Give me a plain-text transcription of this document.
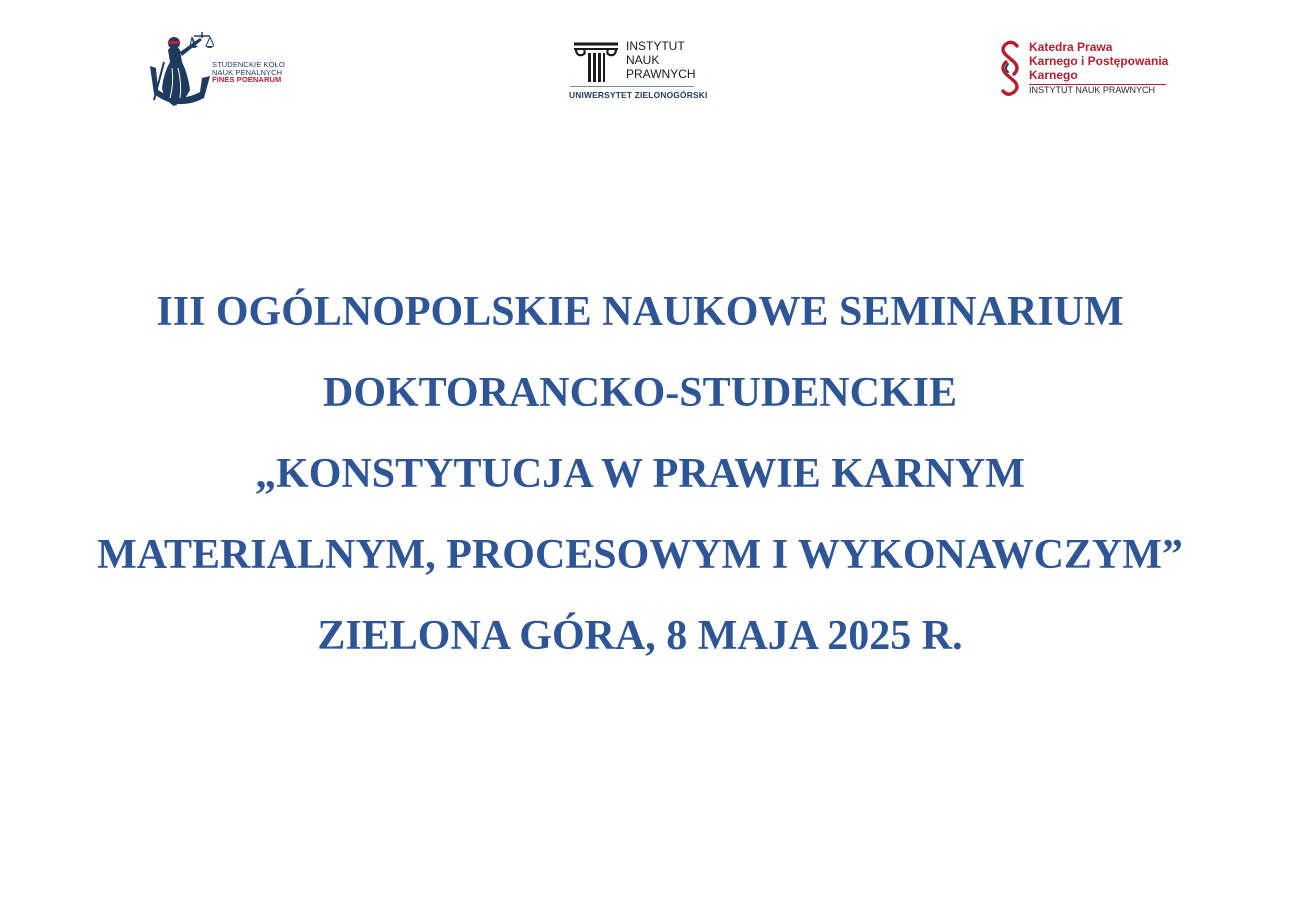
STUDENCKIE KOŁO
NAUK PENALNYCH
FINES POENARUM
INSTYTUT
NAUK
PRAWNYCH
UNIWERSYTET ZIELONOGÓRSKI
Katedra Prawa
Karnego i Postępowania
Karnego
INSTYTUT NAUK PRAWNYCH
III OGÓLNOPOLSKIE NAUKOWE SEMINARIUM
DOKTORANCKO-STUDENCKIE
„KONSTYTUCJA W PRAWIE KARNYM
MATERIALNYM, PROCESOWYM I WYKONAWCZYM”
ZIELONA GÓRA, 8 MAJA 2025 R.
